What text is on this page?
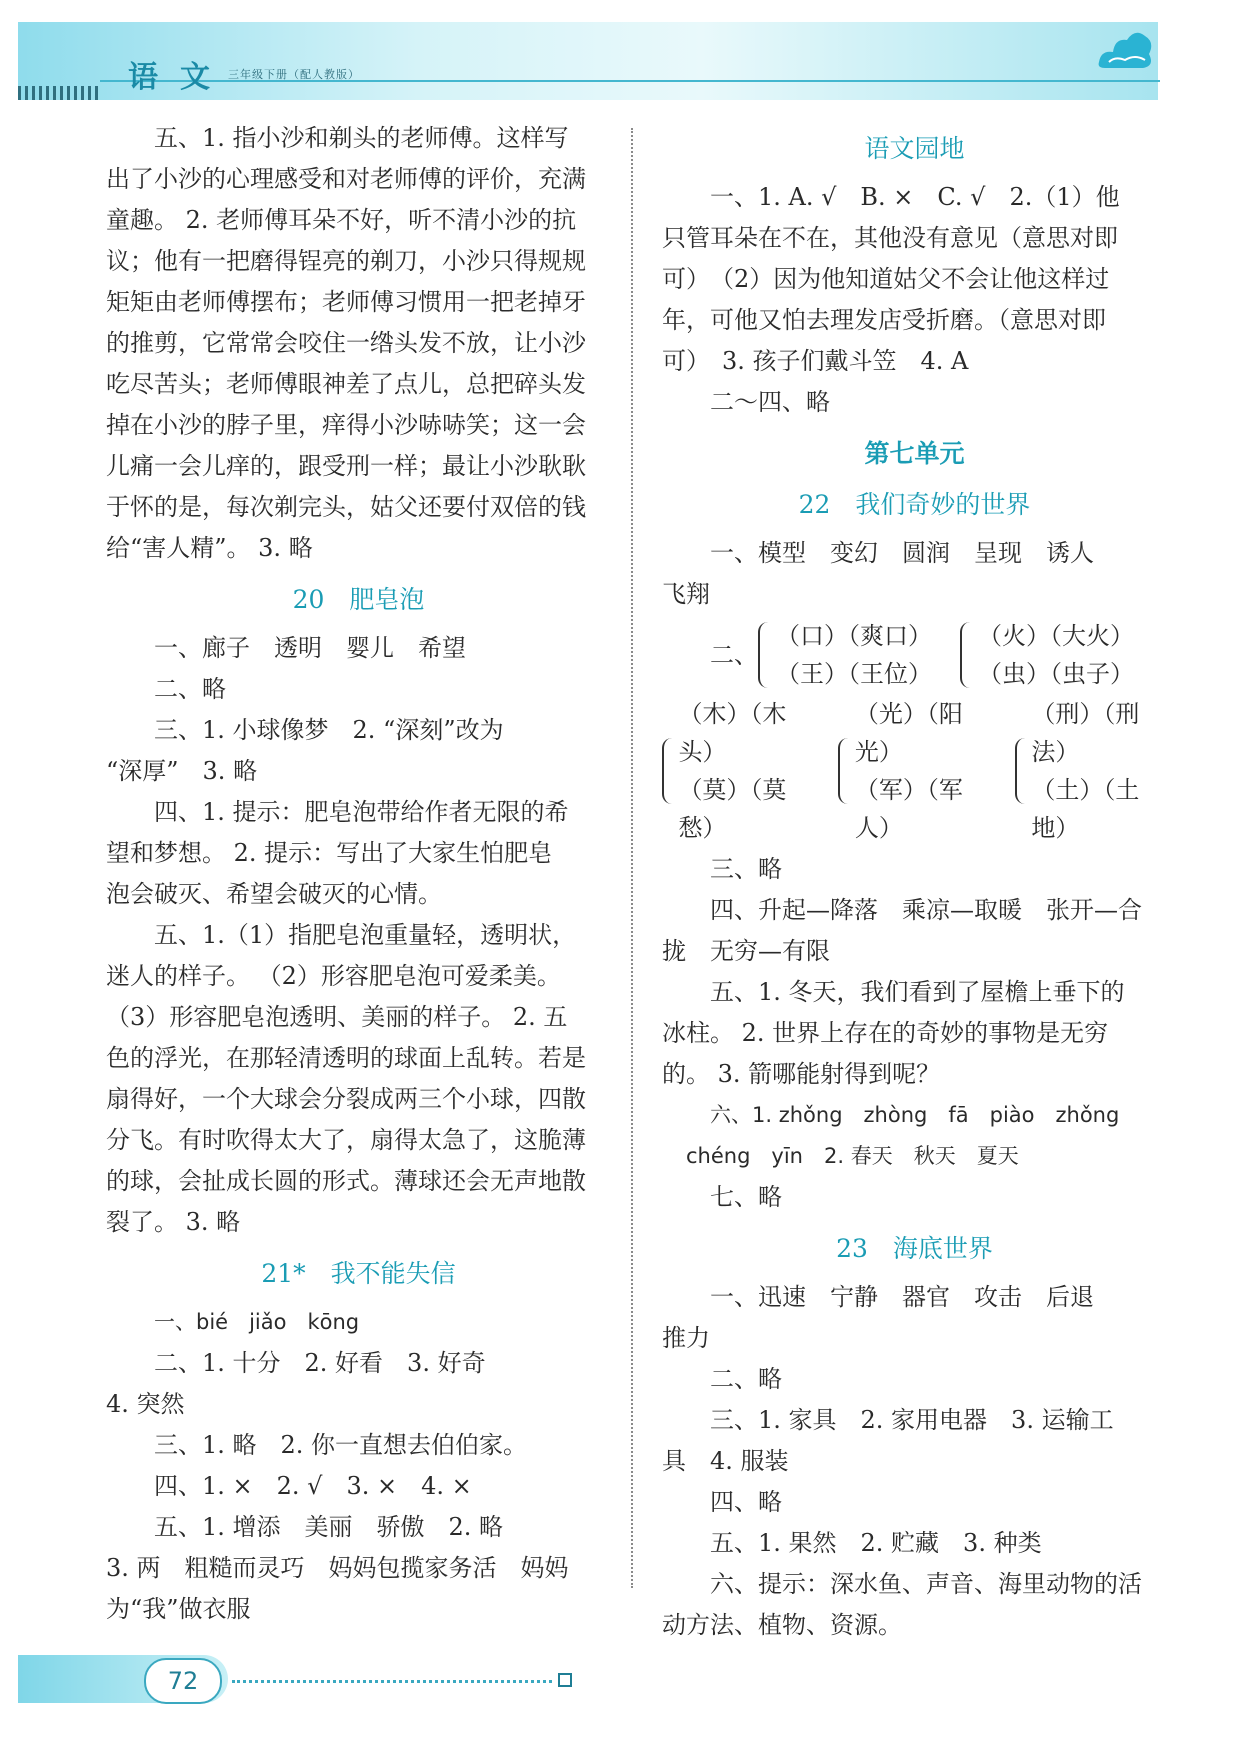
语文
三年级下册（配人教版）

五、1. 指小沙和剃头的老师傅。这样写

出了小沙的心理感受和对老师傅的评价，充满

童趣。 2. 老师傅耳朵不好，听不清小沙的抗

议；他有一把磨得锃亮的剃刀，小沙只得规规

矩矩由老师傅摆布；老师傅习惯用一把老掉牙

的推剪，它常常会咬住一绺头发不放，让小沙

吃尽苦头；老师傅眼神差了点儿，总把碎头发

掉在小沙的脖子里，痒得小沙哧哧笑；这一会

儿痛一会儿痒的，跟受刑一样；最让小沙耿耿

于怀的是，每次剃完头，姑父还要付双倍的钱

给“害人精”。 3. 略

20　肥皂泡

一、廊子　透明　婴儿　希望

二、略

三、1. 小球像梦　2. “深刻”改为

“深厚”　3. 略

四、1. 提示：肥皂泡带给作者无限的希

望和梦想。 2. 提示：写出了大家生怕肥皂

泡会破灭、希望会破灭的心情。

五、1.（1）指肥皂泡重量轻，透明状，

迷人的样子。 （2）形容肥皂泡可爱柔美。

（3）形容肥皂泡透明、美丽的样子。 2. 五

色的浮光，在那轻清透明的球面上乱转。若是

扇得好，一个大球会分裂成两三个小球，四散

分飞。有时吹得太大了，扇得太急了，这脆薄

的球，会扯成长圆的形式。薄球还会无声地散

裂了。 3. 略

21*　我不能失信

一、bié　jiǎo　kōng

二、1. 十分　2. 好看　3. 好奇

4. 突然

三、1. 略　2. 你一直想去伯伯家。

四、1. ×　2. √　3. ×　4. ×

五、1. 增添　美丽　骄傲　2. 略

3. 两　粗糙而灵巧　妈妈包揽家务活　妈妈

为“我”做衣服

语文园地

一、1. A. √　B. ×　C. √　2.（1）他

只管耳朵在不在，其他没有意见（意思对即

可）　（2）因为他知道姑父不会让他这样过

年，可他又怕去理发店受折磨。（意思对即

可）　3. 孩子们戴斗笠　4. A

二～四、略

第七单元

22　我们奇妙的世界

一、模型　变幻　圆润　呈现　诱人

飞翔

二、
（口）（爽口）
（王）（王位）
（火）（大火）
（虫）（虫子）
（木）（木头）
（莫）（莫愁）
（光）（阳光）
（军）（军人）
（刑）（刑法）
（土）（土地）

三、略

四、升起—降落　乘凉—取暖　张开—合

拢　无穷—有限

五、1. 冬天，我们看到了屋檐上垂下的

冰柱。 2. 世界上存在的奇妙的事物是无穷

的。 3. 箭哪能射得到呢？

六、1. zhǒng　zhòng　fā　piào　zhǒng

chéng　yīn　2. 春天　秋天　夏天

七、略

23　海底世界

一、迅速　宁静　器官　攻击　后退

推力

二、略

三、1. 家具　2. 家用电器　3. 运输工

具　4. 服装

四、略

五、1. 果然　2. 贮藏　3. 种类

六、提示：深水鱼、声音、海里动物的活

动方法、植物、资源。

72
